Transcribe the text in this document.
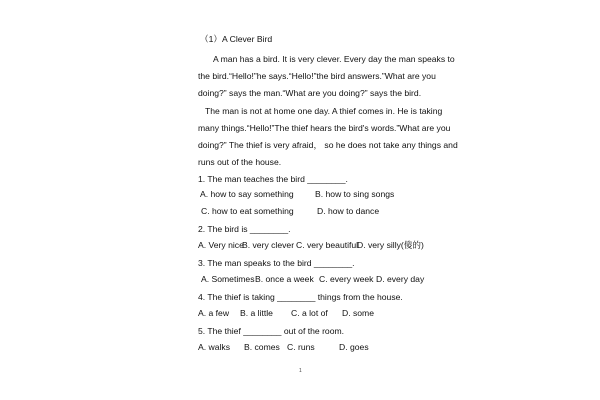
（1）A Clever Bird
A man has a bird. It is very clever. Every day the man speaks to
the bird.“Hello!”he says.“Hello!”the bird answers.”What are you
doing?” says the man.“What are you doing?” says the bird.
The man is not at home one day. A thief comes in. He is taking
many things.“Hello!”The thief hears the bird's words.”What are you
doing?” The thief is very afraid， so he does not take any things and
runs out of the house.
1. The man teaches the bird ________.
A. how to say something B. how to sing songs
C. how to eat something	D. how to dance
2. The bird is ________.
A. Very nice
B. very clever C. very beautiful
D. very silly(傻的)
3. The man speaks to the bird ________.
A. Sometimes B. once a week C. every week D. every day
4. The thief is taking ________ things from the house.
A. a few B. a little C. a lot of D. some
5. The thief ________ out of the room.
A. walks B. comes C. runs	D. goes
1
